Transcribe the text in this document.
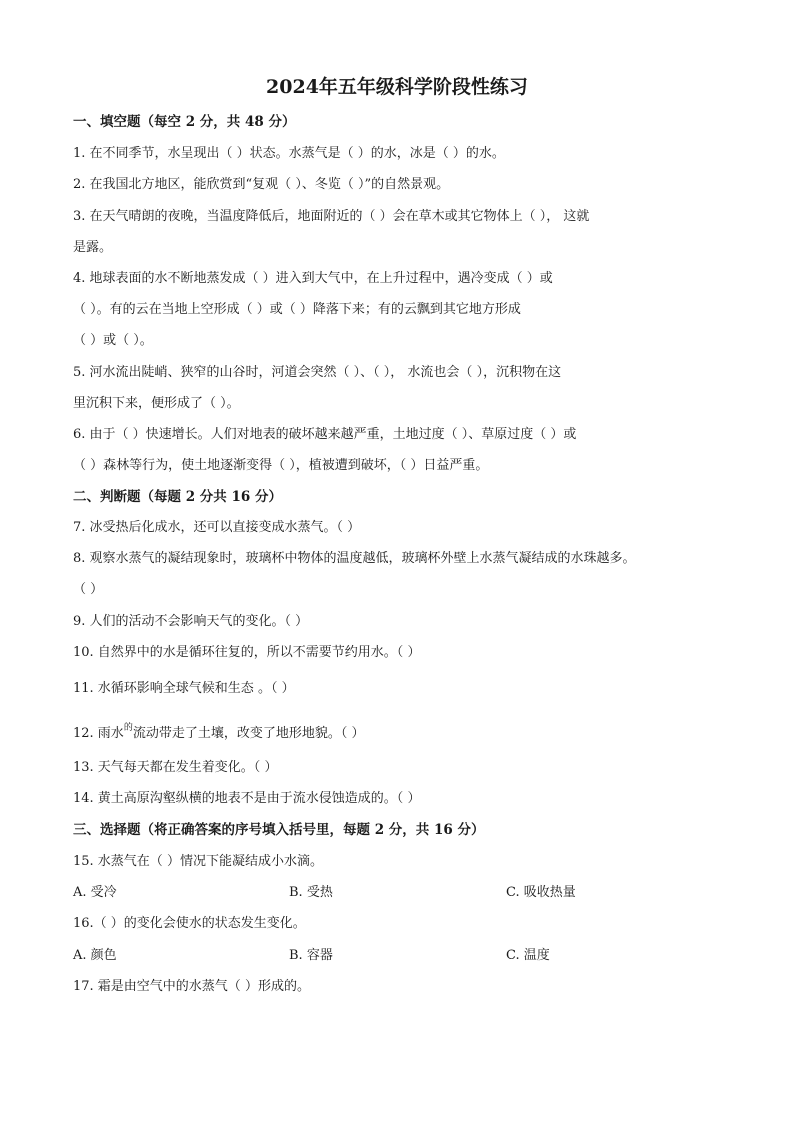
2024年五年级科学阶段性练习
一、填空题（每空 2 分，共 48 分）
1. 在不同季节，水呈现出（ ）状态。水蒸气是（ ）的水，冰是（ ）的水。
2. 在我国北方地区，能欣赏到“复观（ ）、冬览（ ）”的自然景观。
3. 在天气晴朗的夜晚，当温度降低后，地面附近的（ ）会在草木或其它物体上（ ）， 这就
是露。
4. 地球表面的水不断地蒸发成（ ）进入到大气中，在上升过程中，遇冷变成（ ）或
（ ）。有的云在当地上空形成（ ）或（ ）降落下来；有的云飘到其它地方形成
（ ）或（ ）。
5. 河水流出陡峭、狭窄的山谷时，河道会突然（ ）、（ ）， 水流也会（ ），沉积物在这
里沉积下来，便形成了（ ）。
6. 由于（ ）快速增长。人们对地表的破坏越来越严重，土地过度（ ）、草原过度（ ）或
（ ）森林等行为，使土地逐渐变得（ ），植被遭到破坏，（ ）日益严重。
二、判断题（每题 2 分共 16 分）
7. 冰受热后化成水，还可以直接变成水蒸气。（ ）
8. 观察水蒸气的凝结现象时，玻璃杯中物体的温度越低，玻璃杯外壁上水蒸气凝结成的水珠越多。
（ ）
9. 人们的活动不会影响天气的变化。（ ）
10. 自然界中的水是循环往复的，所以不需要节约用水。（ ）
11. 水循环影响全球气候和生态 。（ ）
12. 雨水$^的$流动带走了土壤，改变了地形地貌。（ ）
13. 天气每天都在发生着变化。（ ）
14. 黄土高原沟壑纵横的地表不是由于流水侵蚀造成的。（ ）
三、选择题（将正确答案的序号填入括号里，每题 2 分，共 16 分）
15. 水蒸气在（ ）情况下能凝结成小水滴。
A. 受冷	B. 受热	C. 吸收热量
16.（ ）的变化会使水的状态发生变化。
A. 颜色	B. 容器	C. 温度
17. 霜是由空气中的水蒸气（ ）形成的。
